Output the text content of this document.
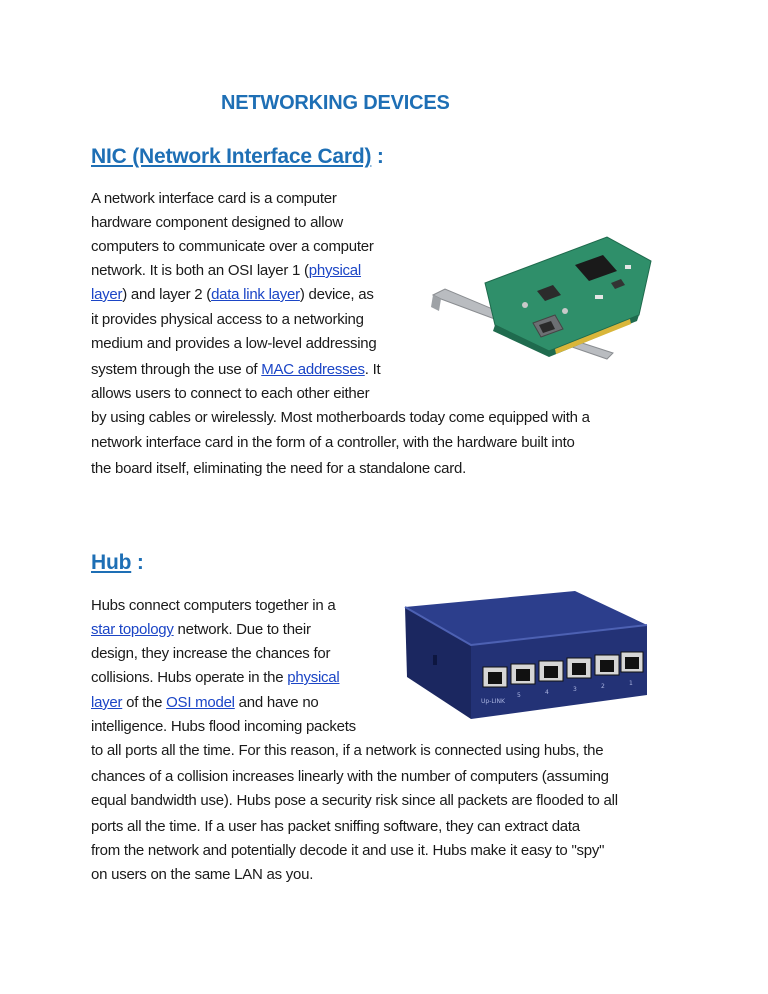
NETWORKING DEVICES
NIC (Network Interface Card) :
A network interface card is a computer
hardware component designed to allow
computers to communicate over a computer
network. It is both an OSI layer 1 (physical
layer) and layer 2 (data link layer) device, as
it provides physical access to a networking
medium and provides a low-level addressing
system through the use of MAC addresses. It
allows users to connect to each other either
by using cables or wirelessly. Most motherboards today come equipped with a
network interface card in the form of a controller, with the hardware built into
the board itself, eliminating the need for a standalone card.
Hub :
Hubs connect computers together in a
star topology network. Due to their
design, they increase the chances for
collisions. Hubs operate in the physical
layer of the OSI model and have no
intelligence. Hubs flood incoming packets
to all ports all the time. For this reason, if a network is connected using hubs, the
chances of a collision increases linearly with the number of computers (assuming
equal bandwidth use). Hubs pose a security risk since all packets are flooded to all
ports all the time. If a user has packet sniffing software, they can extract data
from the network and potentially decode it and use it. Hubs make it easy to "spy"
on users on the same LAN as you.
Up-LINK
5	4	3	2	1
